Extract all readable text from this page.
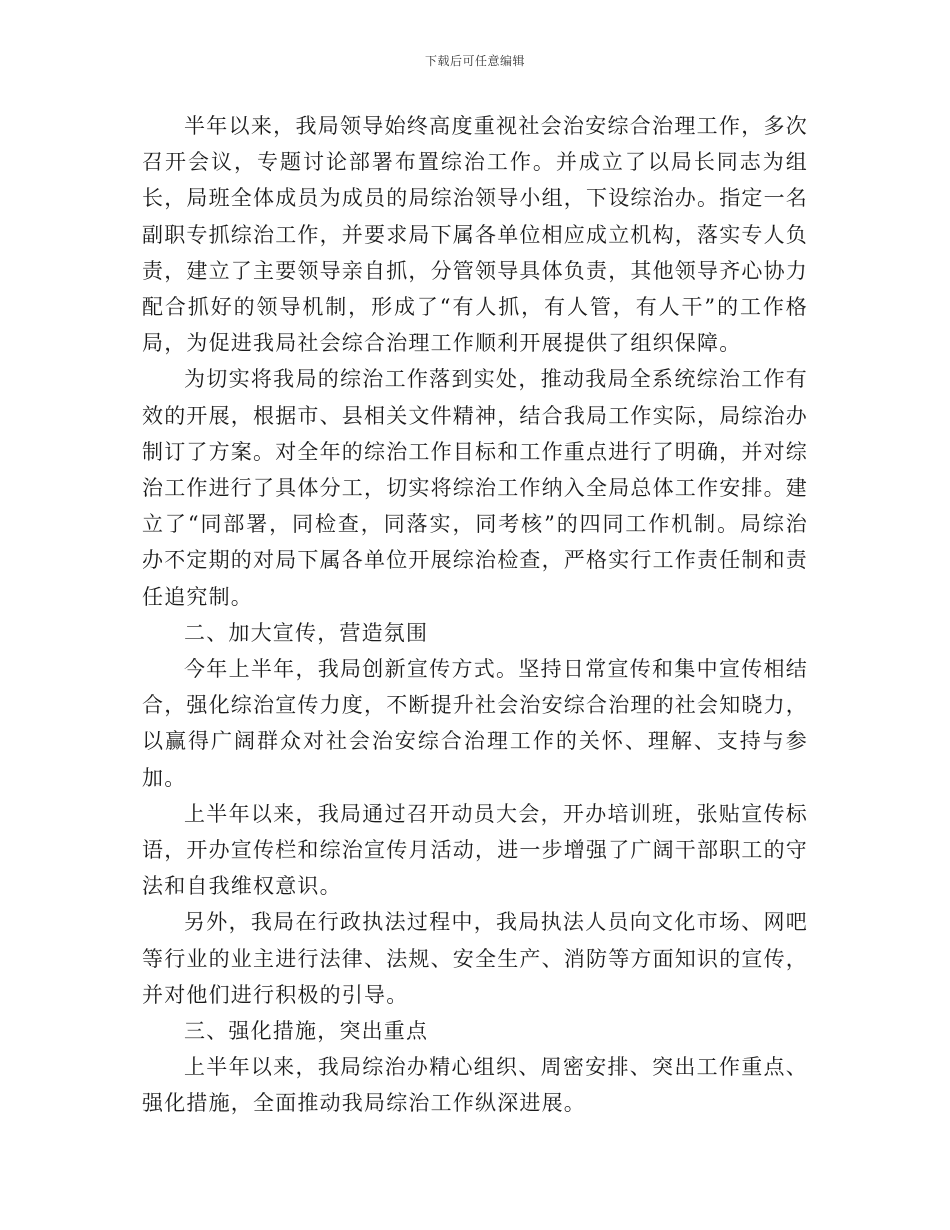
下载后可任意编辑

半年以来，我局领导始终高度重视社会治安综合治理工作，多次召开会议，专题讨论部署布置综治工作。并成立了以局长同志为组长，局班全体成员为成员的局综治领导小组，下设综治办。指定一名副职专抓综治工作，并要求局下属各单位相应成立机构，落实专人负责，建立了主要领导亲自抓，分管领导具体负责，其他领导齐心协力配合抓好的领导机制，形成了“有人抓，有人管，有人干”的工作格局，为促进我局社会综合治理工作顺利开展提供了组织保障。

为切实将我局的综治工作落到实处，推动我局全系统综治工作有效的开展，根据市、县相关文件精神，结合我局工作实际，局综治办制订了方案。对全年的综治工作目标和工作重点进行了明确，并对综治工作进行了具体分工，切实将综治工作纳入全局总体工作安排。建立了“同部署，同检查，同落实，同考核”的四同工作机制。局综治办不定期的对局下属各单位开展综治检查，严格实行工作责任制和责任追究制。

二、加大宣传，营造氛围

今年上半年，我局创新宣传方式。坚持日常宣传和集中宣传相结合，强化综治宣传力度，不断提升社会治安综合治理的社会知晓力，以赢得广阔群众对社会治安综合治理工作的关怀、理解、支持与参加。

上半年以来，我局通过召开动员大会，开办培训班，张贴宣传标语，开办宣传栏和综治宣传月活动，进一步增强了广阔干部职工的守法和自我维权意识。

另外，我局在行政执法过程中，我局执法人员向文化市场、网吧等行业的业主进行法律、法规、安全生产、消防等方面知识的宣传，并对他们进行积极的引导。

三、强化措施，突出重点

上半年以来，我局综治办精心组织、周密安排、突出工作重点、强化措施，全面推动我局综治工作纵深进展。
